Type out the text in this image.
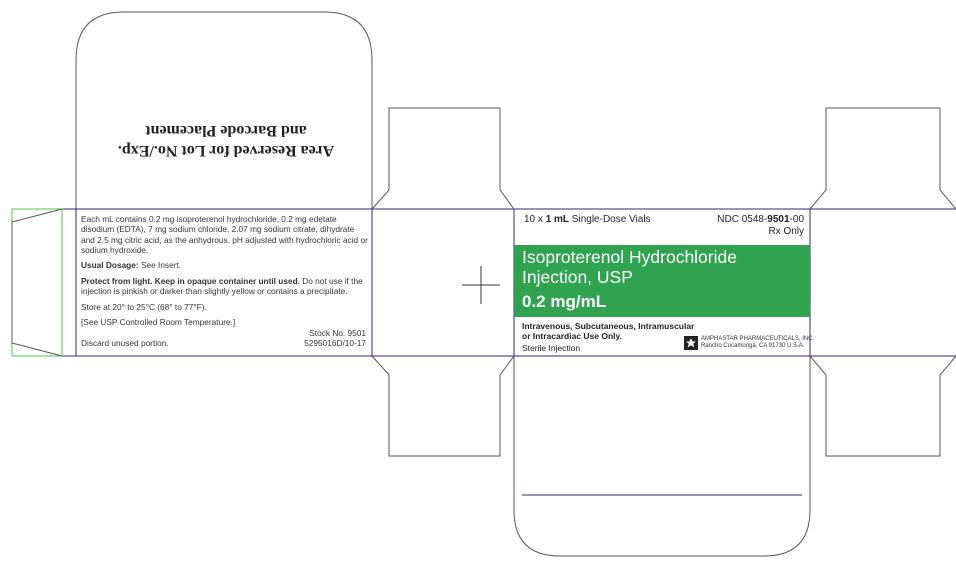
Area Reserved for Lot No./Exp.
and Barcode Placement

Each mL contains 0.2 mg isoproterenol hydrochloride, 0.2 mg edetate disodium (EDTA), 7 mg sodium chloride, 2.07 mg sodium citrate, dihydrate and 2.5 mg citric acid, as the anhydrous. pH adjusted with hydrochloric acid or sodium hydroxide.

Usual Dosage: See Insert.

Protect from light. Keep in opaque container until used. Do not use if the injection is pinkish or darker than slightly yellow or contains a precipitate.

Store at 20° to 25°C (68° to 77°F).

[See USP Controlled Room Temperature.]

Discard unused portion.
Stock No. 9501
5295016D/10-17
10 x 1 mL Single-Dose Vials	NDC 0548-9501-00
Rx Only
Isoproterenol Hydrochloride
Injection, USP
0.2 mg/mL
Intravenous, Subcutaneous, Intramuscular
or Intracardiac Use Only.
Sterile Injection
AMPHASTAR PHARMACEUTICALS, INC.
Rancho Cucamonga, CA 91730 U.S.A.
